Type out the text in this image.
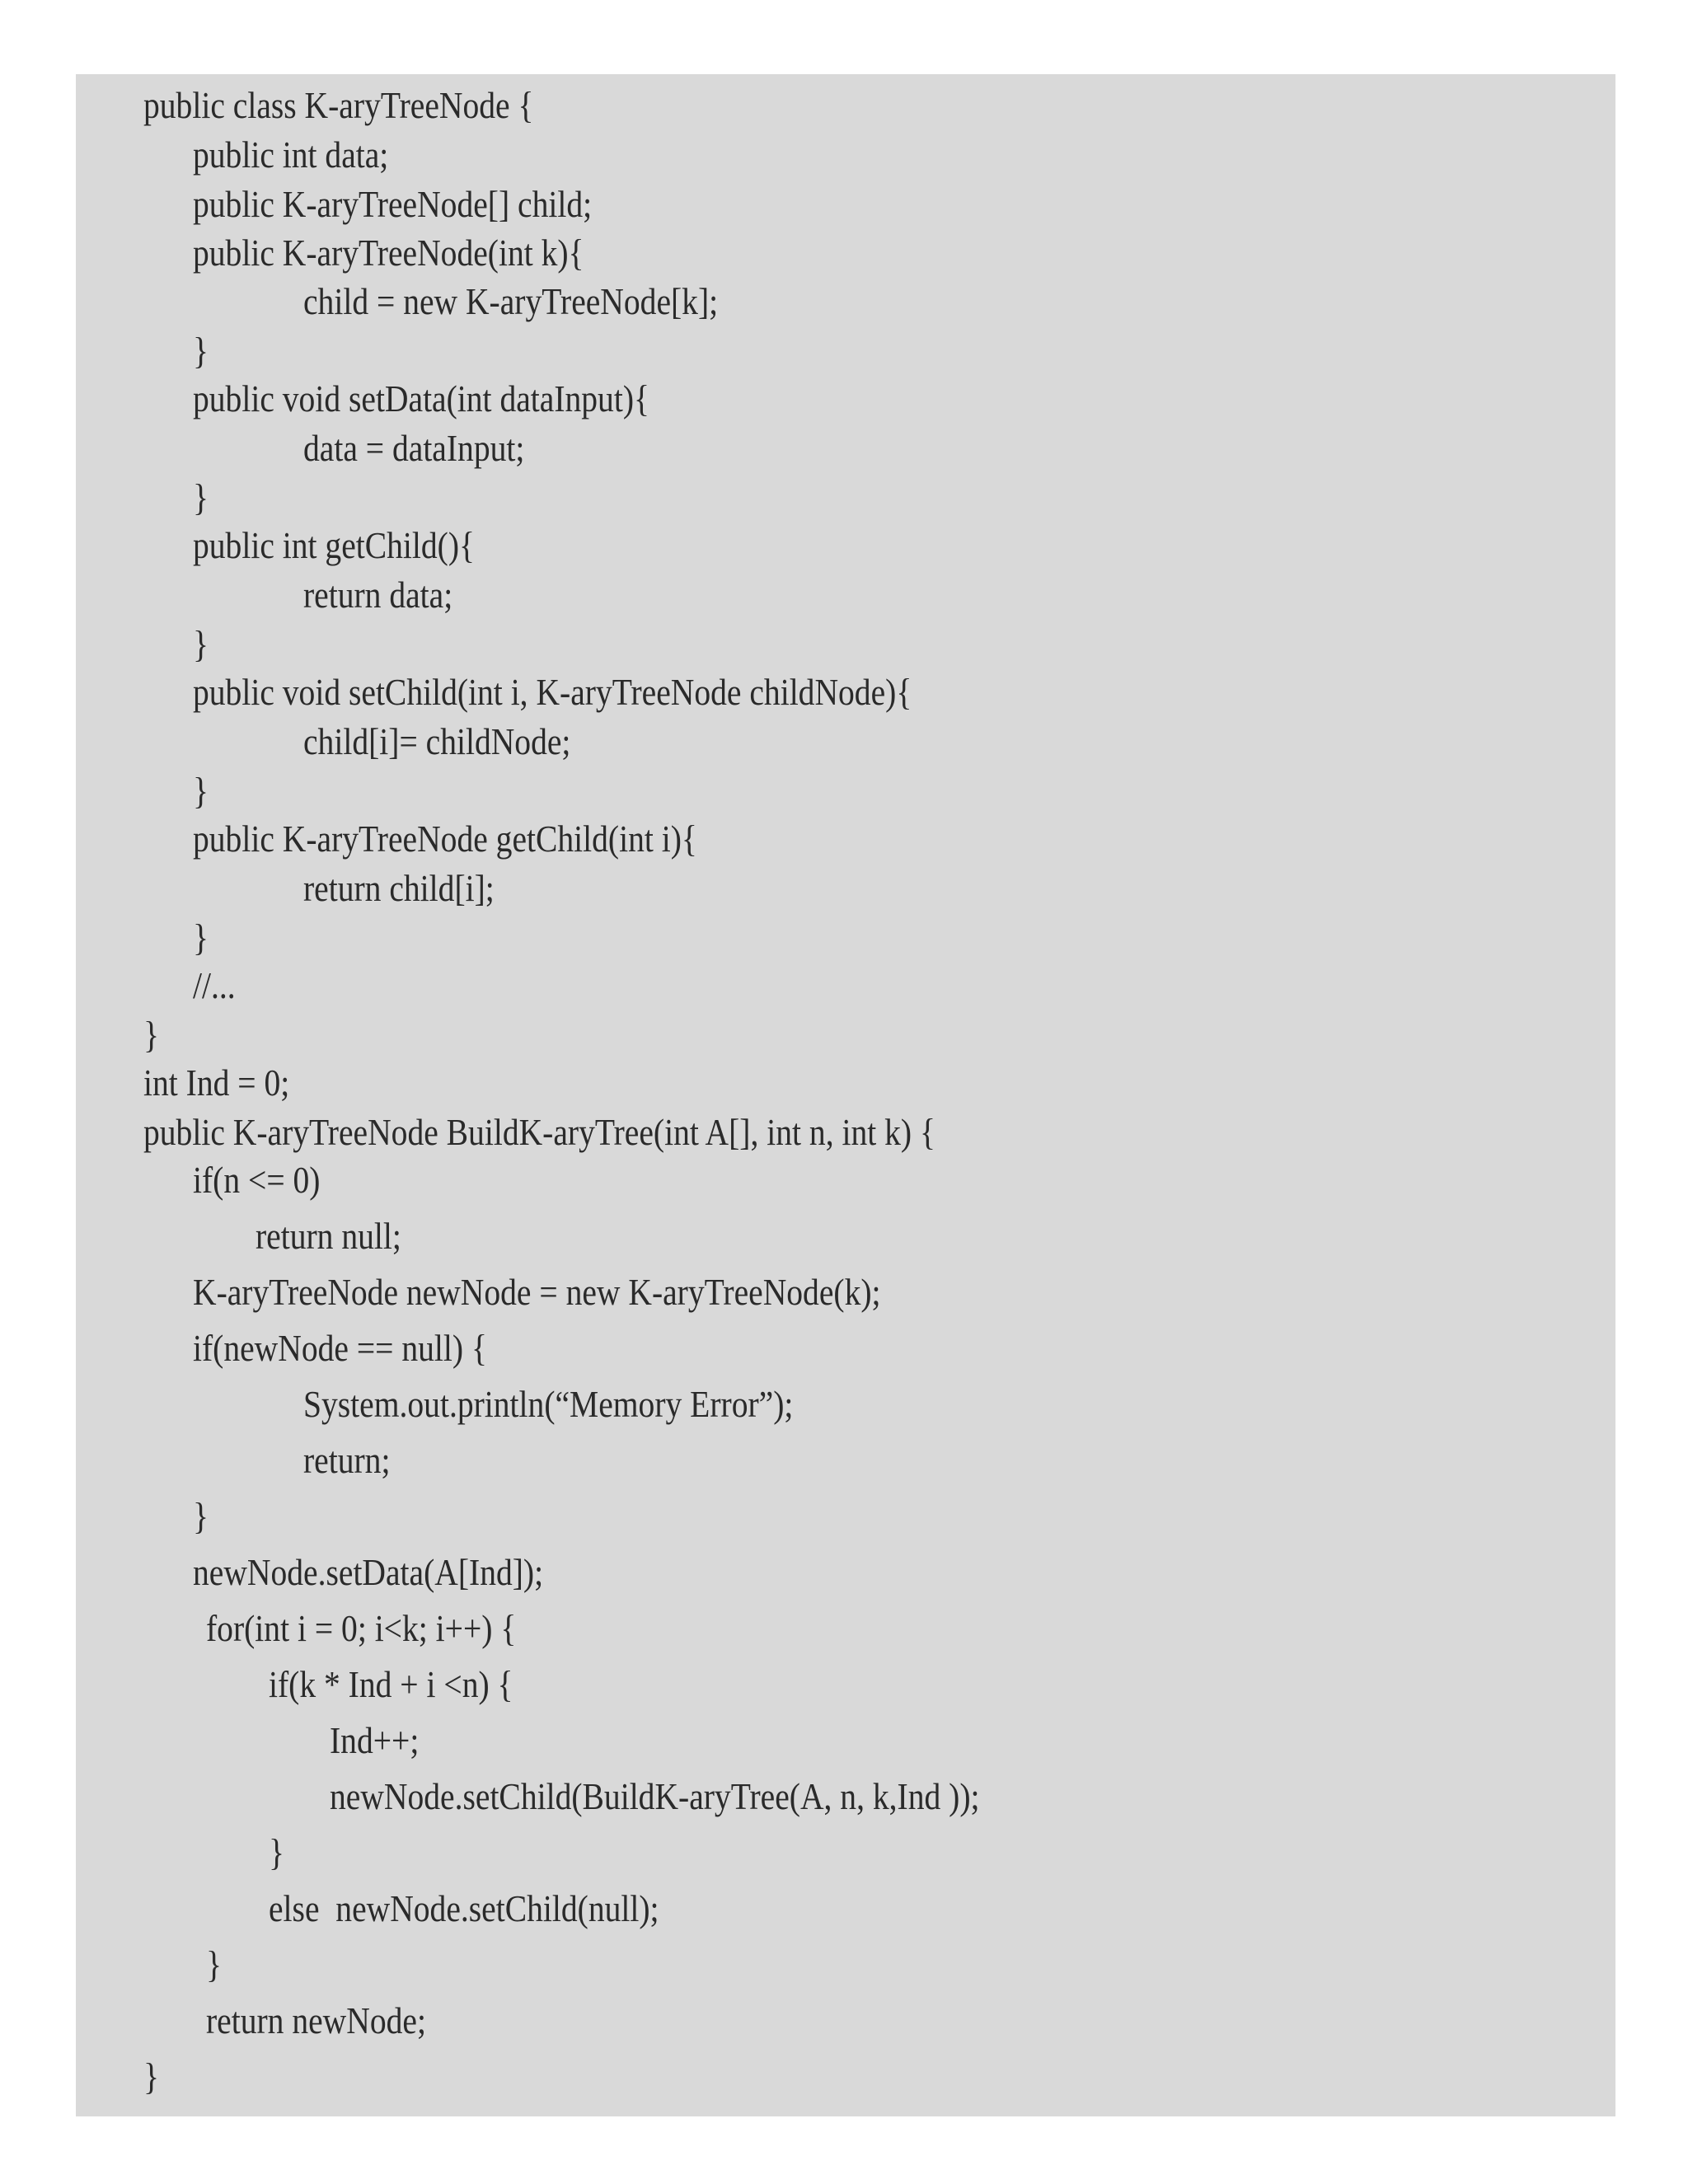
public class K-aryTreeNode {
public int data;
public K-aryTreeNode[] child;
public K-aryTreeNode(int k){
child = new K-aryTreeNode[k];
}
public void setData(int dataInput){
data = dataInput;
}
public int getChild(){
return data;
}
public void setChild(int i, K-aryTreeNode childNode){
child[i]= childNode;
}
public K-aryTreeNode getChild(int i){
return child[i];
}
//...
}
int Ind = 0;
public K-aryTreeNode BuildK-aryTree(int A[], int n, int k) {
if(n <= 0)
return null;
K-aryTreeNode newNode = new K-aryTreeNode(k);
if(newNode == null) {
System.out.println(“Memory Error”);
return;
}
newNode.setData(A[Ind]);
for(int i = 0; i<k; i++) {
if(k * Ind + i <n) {
Ind++;
newNode.setChild(BuildK-aryTree(A, n, k,Ind ));
}
else  newNode.setChild(null);
}
return newNode;
}
